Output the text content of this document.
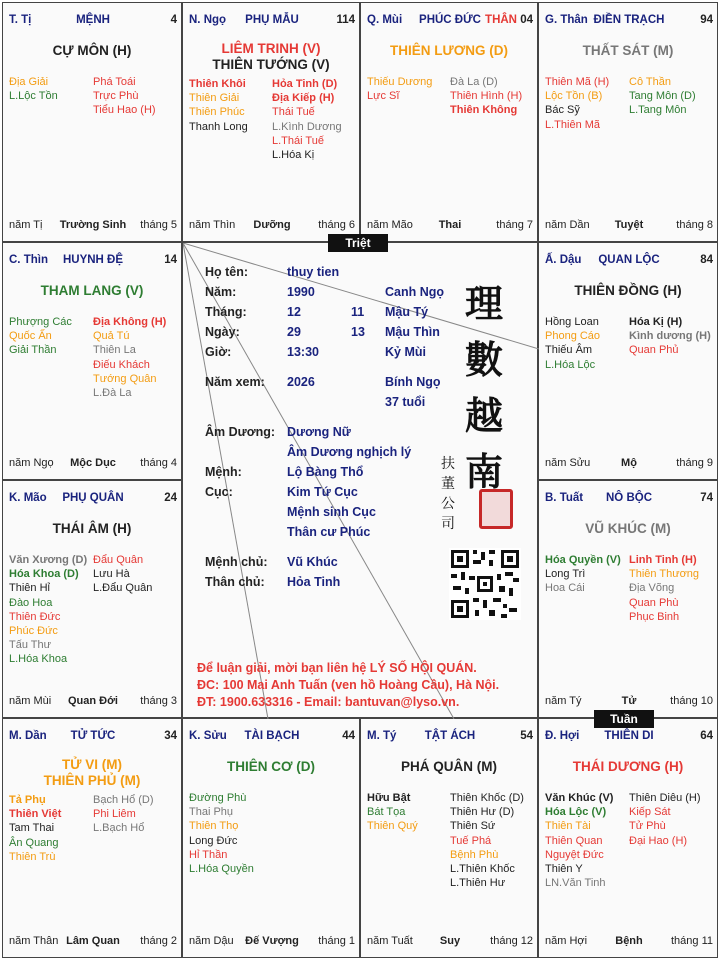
T. Tị	MỆNH	4
CỰ MÔN (H)
Địa Giải
L.Lộc Tồn
Phá Toái
Trực Phù
Tiểu Hao (H)
năm Tị	Trường Sinh	tháng 5
N. Ngọ	PHỤ MẪU	114
LIÊM TRINH (V)
THIÊN TƯỚNG (V)
Thiên Khôi
Thiên Giải
Thiên Phúc
Thanh Long
Hỏa Tinh (D)
Địa Kiếp (H)
Thái Tuế
L.Kình Dương
L.Thái Tuế
L.Hóa Kị
năm Thìn	Dưỡng	tháng 6
Q. Mùi	PHÚC ĐỨC THÂN 04
THIÊN LƯƠNG (D)
Thiếu Dương
Lực Sĩ
Đà La (D)
Thiên Hình (H)
Thiên Không
năm Mão	Thai	tháng 7
G. Thân ĐIỀN TRẠCH	94
THẤT SÁT (M)
Thiên Mã (H)
Lộc Tồn (B)
Bác Sỹ
L.Thiên Mã
Cô Thần
Tang Môn (D)
L.Tang Môn
năm Dần	Tuyệt	tháng 8
C. Thìn	HUYNH ĐỆ	14
THAM LANG (V)
Phượng Các
Quốc Ấn
Giải Thần
Địa Không (H)
Quả Tú
Thiên La
Điếu Khách
Tướng Quân
L.Đà La
năm Ngọ	Mộc Dục	tháng 4
Ấ. Dậu	QUAN LỘC	84
THIÊN ĐỒNG (H)
Hồng Loan
Phong Cáo
Thiếu Âm
L.Hóa Lộc
Hóa Kị (H)
Kình dương (H)
Quan Phủ
năm Sửu	Mộ	tháng 9
K. Mão	PHỤ QUÂN	24
THÁI ÂM (H)
Văn Xương (D)
Hóa Khoa (D)
Thiên Hỉ
Đào Hoa
Thiên Đức
Phúc Đức
Tấu Thư
L.Hóa Khoa
Đẩu Quân
Lưu Hà
L.Đẩu Quân
năm Mùi	Quan Đới	tháng 3
B. Tuất	NÔ BỘC	74
VŨ KHÚC (M)
Hóa Quyền (V)
Long Trì
Hoa Cái
Linh Tinh (H)
Thiên Thương
Địa Võng
Quan Phù
Phục Binh
năm Tý	Tử	tháng 10
M. Dần	TỬ TỨC	34
TỬ VI (M)
THIÊN PHỦ (M)
Tả Phụ
Thiên Việt
Tam Thai
Ân Quang
Thiên Trù
Bạch Hổ (D)
Phi Liêm
L.Bạch Hổ
năm Thân Lâm Quan	tháng 2
K. Sửu	TÀI BẠCH	44
THIÊN CƠ (D)
Đường Phù
Thai Phụ
Thiên Thọ
Long Đức
Hỉ Thần
L.Hóa Quyền
năm Dậu	Đế Vượng	tháng 1
M. Tý	TẬT ÁCH	54
PHÁ QUÂN (M)
Hữu Bật
Bát Tọa
Thiên Quý
Thiên Khốc (D)
Thiên Hư (D)
Thiên Sứ
Tuế Phá
Bệnh Phù
L.Thiên Khốc
L.Thiên Hư
năm Tuất	Suy	tháng 12
Đ. Hợi	THIÊN DI	64
THÁI DƯƠNG (H)
Văn Khúc (V)
Hóa Lộc (V)
Thiên Tài
Thiên Quan
Nguyệt Đức
Thiên Y
LN.Văn Tinh
Thiên Diêu (H)
Kiếp Sát
Tử Phù
Đại Hao (H)
năm Hợi	Bệnh	tháng 11
Họ tên:	thuy tien
Năm:	1990	Canh Ngọ
Tháng:	12	11 Mậu Tý
Ngày:	29	13 Mậu Thìn
Giờ:	13:30	Kỷ Mùi
Năm xem: 2026	Bính Ngọ
37 tuổi
Âm Dương: Dương Nữ
Âm Dương nghịch lý
Mệnh:	Lộ Bàng Thổ
Cục:	Kim Tứ Cục
Mệnh sinh Cục
Thân cư Phúc
Mệnh chủ: Vũ Khúc
Thân chủ: Hỏa Tinh
理
數
越
南
扶
董
公
司
Để luận giải, mời bạn liên hệ LÝ SỐ HỘI QUÁN.
ĐC: 100 Mai Anh Tuấn (ven hồ Hoàng Cầu), Hà Nội.
ĐT: 1900.633316 - Email: bantuvan@lyso.vn.
Triệt
Tuần
